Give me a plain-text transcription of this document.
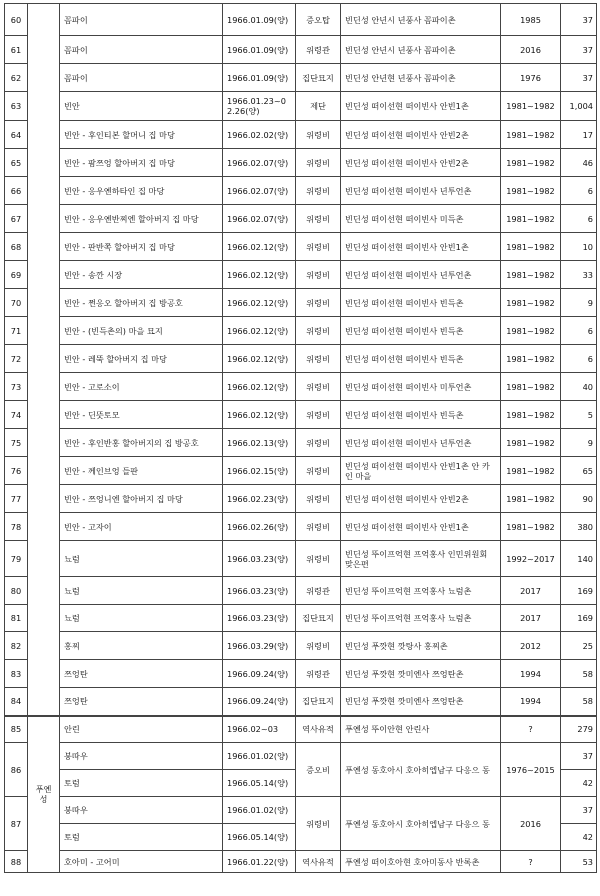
60		꼼파이	1966.01.09(양)	증오탑	빈딘성 안년시 년풍사 꼼파이촌	1985	37
61		꼼파이	1966.01.09(양)	위령관	빈딘성 안년시 년풍사 꼼파이촌	2016	37
62		꼼파이	1966.01.09(양)	집단묘지	빈딘성 안년현 년풍사 꼼파이촌	1976	37
63		빈안	1966.01.23~02.26(양)	제단	빈딘성 떠이선현 떠이빈사 안빈1촌	1981~1982	1,004
64		빈안 - 후인티본 할머니 집 마당	1966.02.02(양)	위령비	빈딘성 떠이선현 떠이빈사 안빈2촌	1981~1982	17
65		빈안 - 팜쯔엉 할아버지 집 마당	1966.02.07(양)	위령비	빈딘성 떠이선현 떠이빈사 안빈2촌	1981~1982	46
66		빈안 - 응우옌하타인 집 마당	1966.02.07(양)	위령비	빈딘성 떠이선현 떠이빈사 년투언촌	1981~1982	6
67		빈안 - 응우옌반찌엔 할아버지 집 마당	1966.02.07(양)	위령비	빈딘성 떠이선현 떠이빈사 미득촌	1981~1982	6
68		빈안 - 판반쪽 할아버지 집 마당	1966.02.12(양)	위령비	빈딘성 떠이선현 떠이빈사 안빈1촌	1981~1982	10
69		빈안 - 송깐 시장	1966.02.12(양)	위령비	빈딘성 떠이선현 떠이빈사 년투언촌	1981~1982	33
70		빈안 - 쩐응오 할아버지 집 방공호	1966.02.12(양)	위령비	빈딘성 떠이선현 떠이빈사 빈득촌	1981~1982	9
71		빈안 - (빈득촌의) 마을 묘지	1966.02.12(양)	위령비	빈딘성 떠이선현 떠이빈사 빈득촌	1981~1982	6
72		빈안 - 레뚝 할아버지 집 마당	1966.02.12(양)	위령비	빈딘성 떠이선현 떠이빈사 빈득촌	1981~1982	6
73		빈안 - 고로소이	1966.02.12(양)	위령비	빈딘성 떠이선현 떠이빈사 미투언촌	1981~1982	40
74		빈안 - 딘뜻토모	1966.02.12(양)	위령비	빈딘성 떠이선현 떠이빈사 빈득촌	1981~1982	5
75		빈안 - 후인반홍 할아버지의 집 방공호	1966.02.13(양)	위령비	빈딘성 떠이선현 떠이빈사 년투언촌	1981~1982	9
76		빈안 - 께인브엉 들판	1966.02.15(양)	위령비	빈딘성 떠이선현 떠이빈사 안빈1촌 안 카인 마을	1981~1982	65
77		빈안 - 쯔엉니엔 할아버지 집 마당	1966.02.23(양)	위령비	빈딘성 떠이선현 떠이빈사 안빈2촌	1981~1982	90
78		빈안 - 고자이	1966.02.26(양)	위령비	빈딘성 떠이선현 떠이빈사 안빈1촌	1981~1982	380
79		뇨럼	1966.03.23(양)	위령비	빈딘성 뚜이프억현 프억홍사 인민위원회 맞은편	1992~2017	140
80		뇨럼	1966.03.23(양)	위령관	빈딘성 뚜이프억현 프억홍사 뇨럼촌	2017	169
81		뇨럼	1966.03.23(양)	집단묘지	빈딘성 뚜이프억현 프억홍사 뇨럼촌	2017	169
82		홍찌	1966.03.29(양)	위령비	빈딘성 푸깟현 깟탕사 홍찌촌	2012	25
83		쯔엉탄	1966.09.24(양)	위령관	빈딘성 푸깟현 깟미엔사 쯔엉탄촌	1994	58
84		쯔엉탄	1966.09.24(양)	집단묘지	빈딘성 푸깟현 깟미엔사 쯔엉탄촌	1994	58
85	푸옌성	안린	1966.02~03	역사유적	푸옌성 뚜이안현 안린사	?	279
86		붕따우	1966.01.02(양)	증오비	푸옌성 동호아시 호아히엡남구 다응으 동	1976~2015	37
		토럼	1966.05.14(양)				42
87		붕따우	1966.01.02(양)	위령비	푸옌성 동호아시 호아히엡남구 다응으 동	2016	37
		토럼	1966.05.14(양)				42
88		호아미 - 고어미	1966.01.22(양)	역사유적	푸옌성 떠이호아현 호아미동사 반록촌	?	53
